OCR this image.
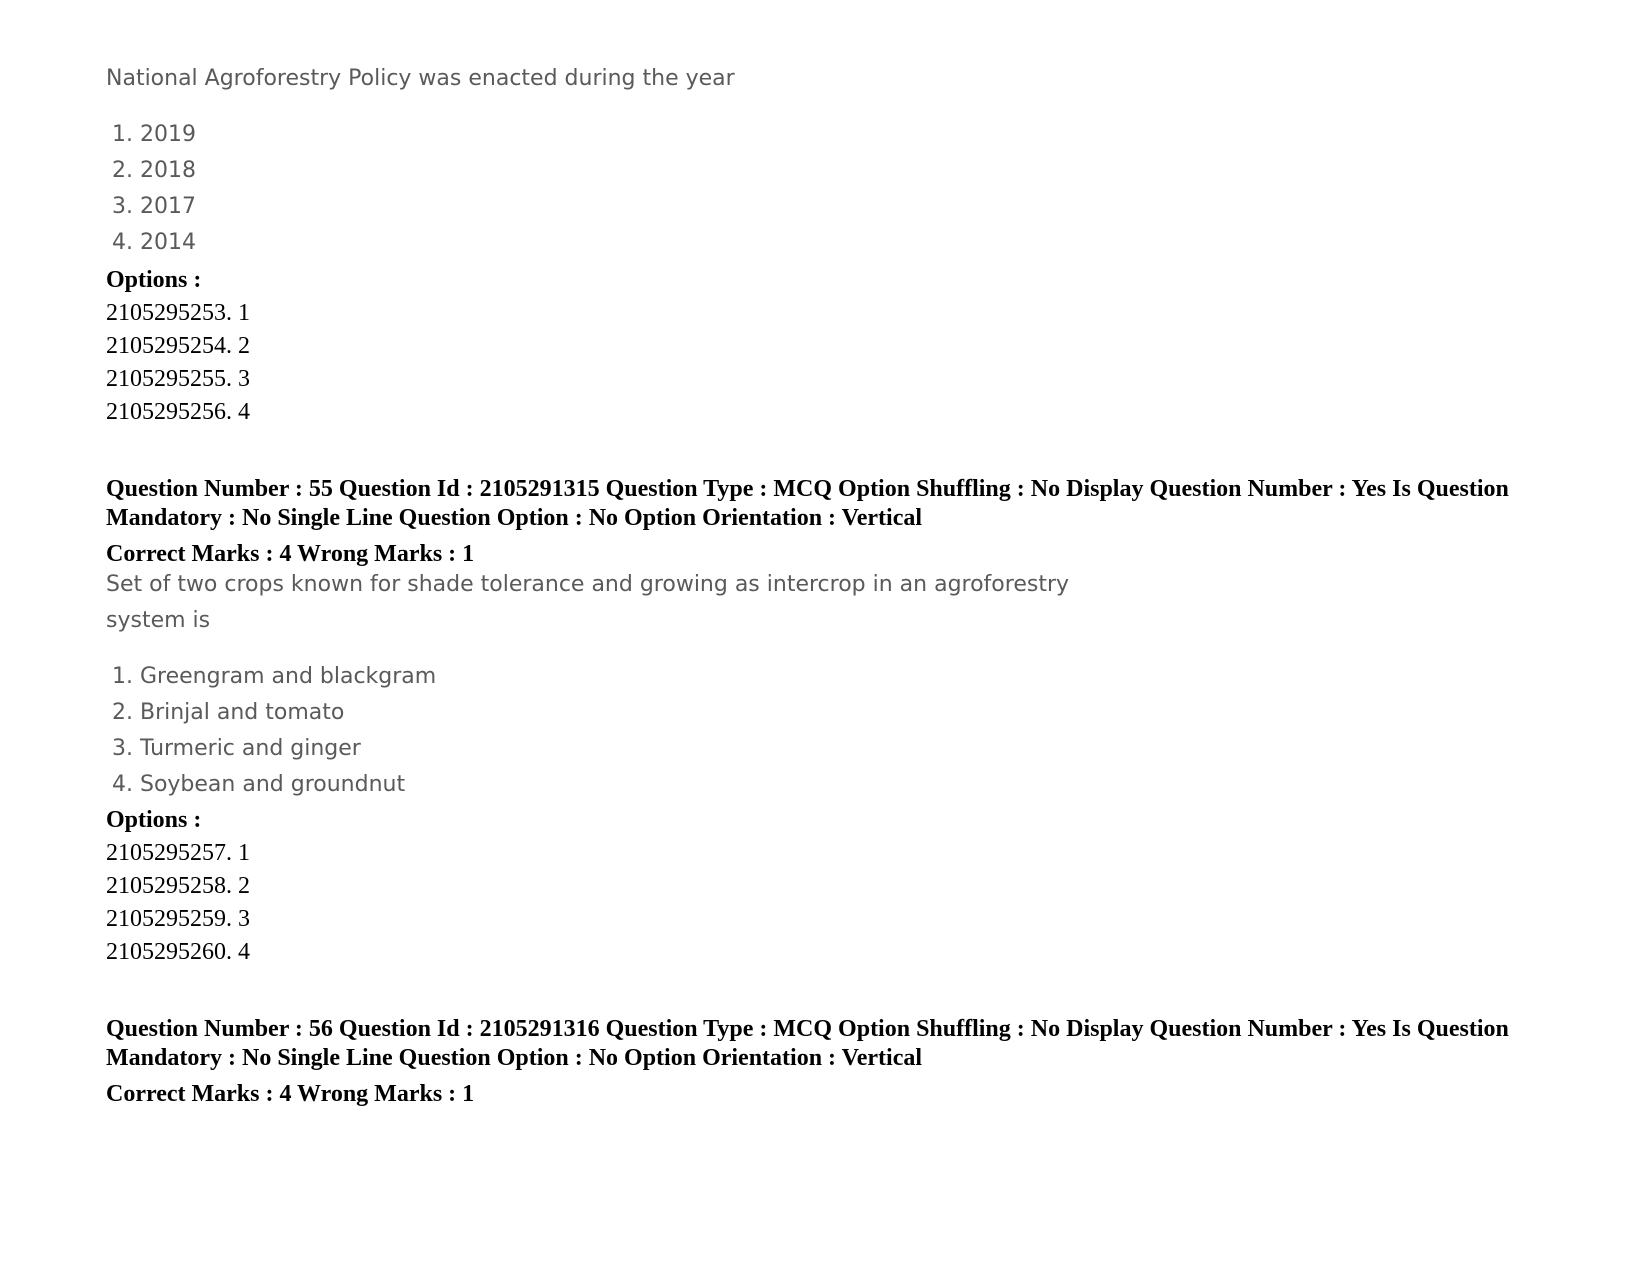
National Agroforestry Policy was enacted during the year
1. 2019
2. 2018
3. 2017
4. 2014
Options :
2105295253. 1
2105295254. 2
2105295255. 3
2105295256. 4
Question Number : 55 Question Id : 2105291315 Question Type : MCQ Option Shuffling : No Display Question Number : Yes Is Question Mandatory : No Single Line Question Option : No Option Orientation : Vertical
Correct Marks : 4 Wrong Marks : 1
Set of two crops known for shade tolerance and growing as intercrop in an agroforestry
system is
1. Greengram and blackgram
2. Brinjal and tomato
3. Turmeric and ginger
4. Soybean and groundnut
Options :
2105295257. 1
2105295258. 2
2105295259. 3
2105295260. 4
Question Number : 56 Question Id : 2105291316 Question Type : MCQ Option Shuffling : No Display Question Number : Yes Is Question Mandatory : No Single Line Question Option : No Option Orientation : Vertical
Correct Marks : 4 Wrong Marks : 1
